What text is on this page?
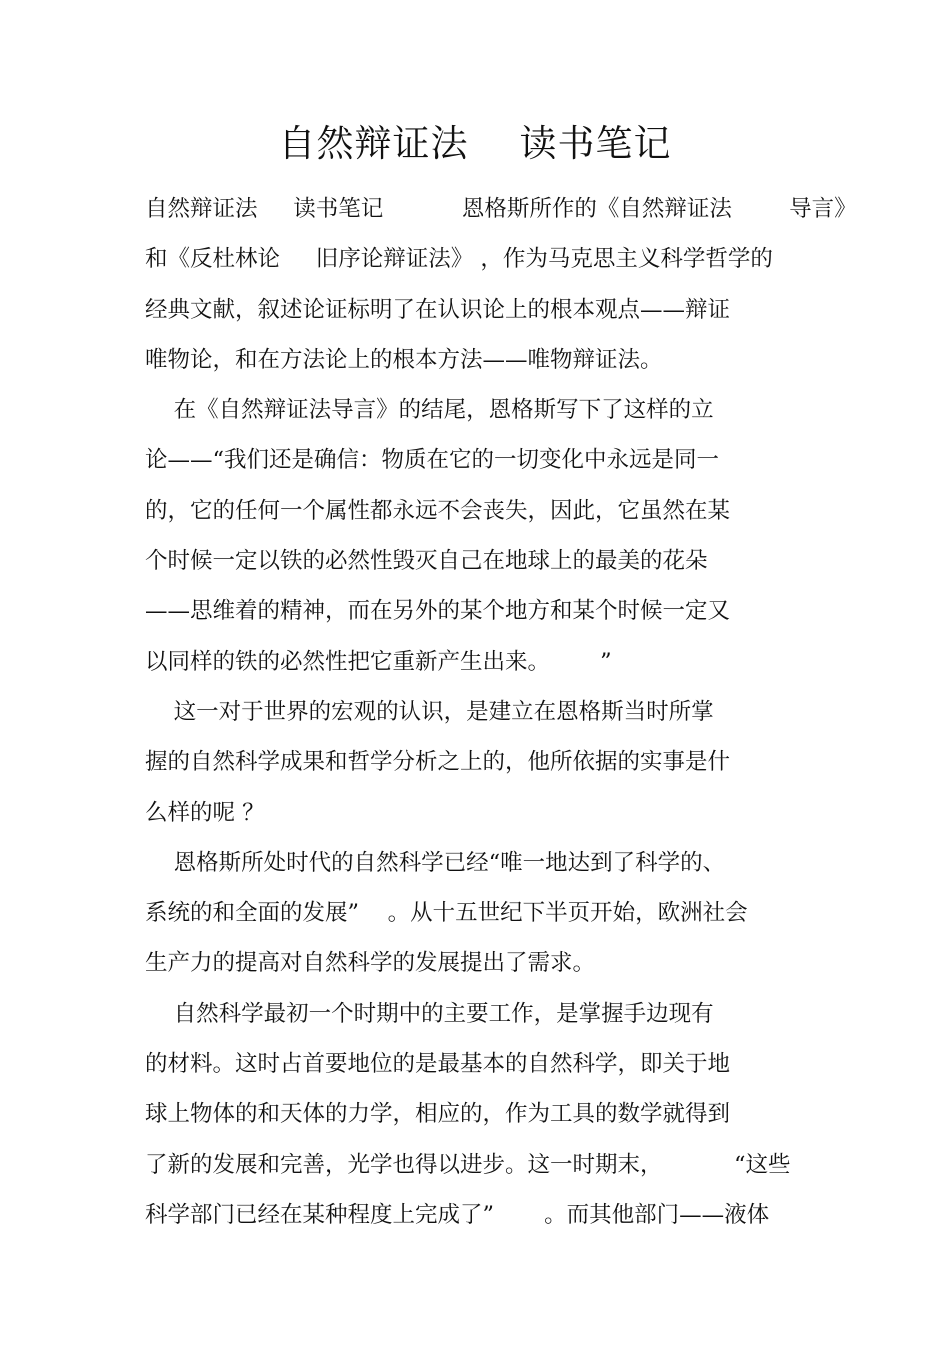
自然辩证法    读书笔记
自然辩证法     读书笔记           恩格斯所作的《自然辩证法        导言》
和《反杜林论     旧序论辩证法》 ，作为马克思主义科学哲学的
经典文献，叙述论证标明了在认识论上的根本观点——辩证
唯物论，和在方法论上的根本方法——唯物辩证法。
在《自然辩证法导言》的结尾，恩格斯写下了这样的立
论——“我们还是确信：物质在它的一切变化中永远是同一
的，它的任何一个属性都永远不会丧失，因此，它虽然在某
个时候一定以铁的必然性毁灭自己在地球上的最美的花朵
——思维着的精神，而在另外的某个地方和某个时候一定又
以同样的铁的必然性把它重新产生出来。       ”
这一对于世界的宏观的认识，是建立在恩格斯当时所掌
握的自然科学成果和哲学分析之上的，他所依据的实事是什
么样的呢 ？
恩格斯所处时代的自然科学已经“唯一地达到了科学的、
系统的和全面的发展”    。从十五世纪下半页开始，欧洲社会
生产力的提高对自然科学的发展提出了需求。
自然科学最初一个时期中的主要工作，是掌握手边现有
的材料。这时占首要地位的是最基本的自然科学，即关于地
球上物体的和天体的力学，相应的，作为工具的数学就得到
了新的发展和完善，光学也得以进步。这一时期末，          “这些
科学部门已经在某种程度上完成了”       。而其他部门——液体
